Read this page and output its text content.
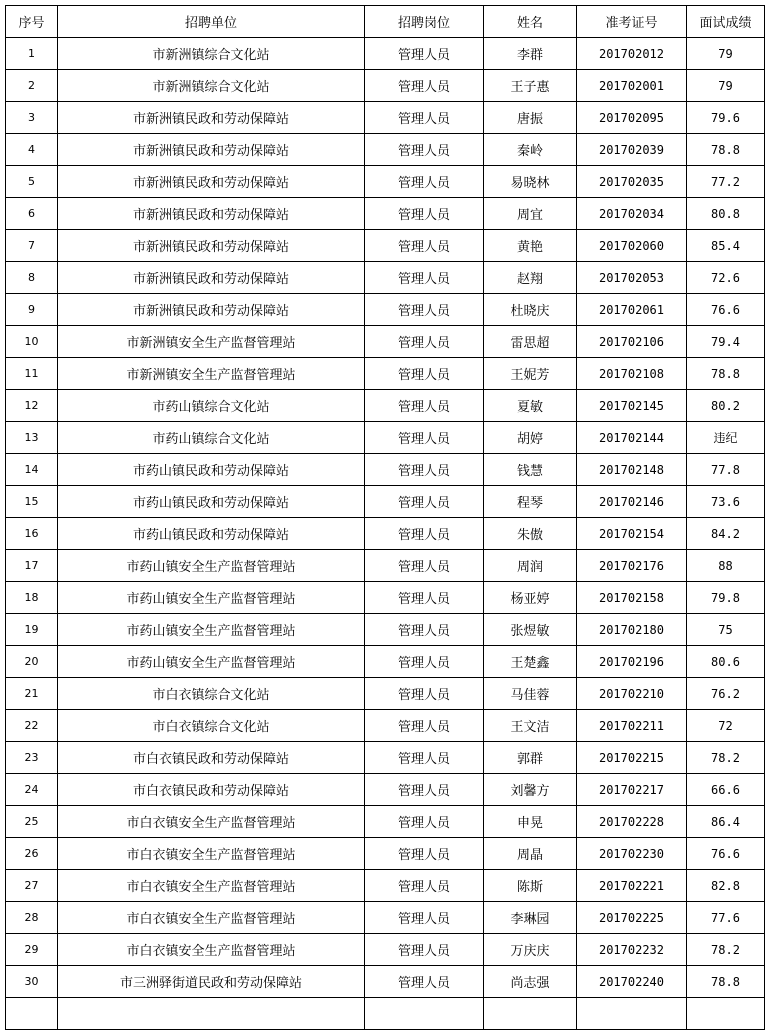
序号	招聘单位	招聘岗位	姓名	准考证号	面试成绩
1	市新洲镇综合文化站	管理人员	李群	201702012	79
2	市新洲镇综合文化站	管理人员	王子惠	201702001	79
3	市新洲镇民政和劳动保障站	管理人员	唐振	201702095	79.6
4	市新洲镇民政和劳动保障站	管理人员	秦岭	201702039	78.8
5	市新洲镇民政和劳动保障站	管理人员	易晓林	201702035	77.2
6	市新洲镇民政和劳动保障站	管理人员	周宜	201702034	80.8
7	市新洲镇民政和劳动保障站	管理人员	黄艳	201702060	85.4
8	市新洲镇民政和劳动保障站	管理人员	赵翔	201702053	72.6
9	市新洲镇民政和劳动保障站	管理人员	杜晓庆	201702061	76.6
10	市新洲镇安全生产监督管理站	管理人员	雷思超	201702106	79.4
11	市新洲镇安全生产监督管理站	管理人员	王妮芳	201702108	78.8
12	市药山镇综合文化站	管理人员	夏敏	201702145	80.2
13	市药山镇综合文化站	管理人员	胡婷	201702144	违纪
14	市药山镇民政和劳动保障站	管理人员	钱慧	201702148	77.8
15	市药山镇民政和劳动保障站	管理人员	程琴	201702146	73.6
16	市药山镇民政和劳动保障站	管理人员	朱傲	201702154	84.2
17	市药山镇安全生产监督管理站	管理人员	周润	201702176	88
18	市药山镇安全生产监督管理站	管理人员	杨亚婷	201702158	79.8
19	市药山镇安全生产监督管理站	管理人员	张煜敏	201702180	75
20	市药山镇安全生产监督管理站	管理人员	王楚鑫	201702196	80.6
21	市白衣镇综合文化站	管理人员	马佳蓉	201702210	76.2
22	市白衣镇综合文化站	管理人员	王文洁	201702211	72
23	市白衣镇民政和劳动保障站	管理人员	郭群	201702215	78.2
24	市白衣镇民政和劳动保障站	管理人员	刘馨方	201702217	66.6
25	市白衣镇安全生产监督管理站	管理人员	申晃	201702228	86.4
26	市白衣镇安全生产监督管理站	管理人员	周晶	201702230	76.6
27	市白衣镇安全生产监督管理站	管理人员	陈斯	201702221	82.8
28	市白衣镇安全生产监督管理站	管理人员	李琳园	201702225	77.6
29	市白衣镇安全生产监督管理站	管理人员	万庆庆	201702232	78.2
30	市三洲驿街道民政和劳动保障站	管理人员	尚志强	201702240	78.8
